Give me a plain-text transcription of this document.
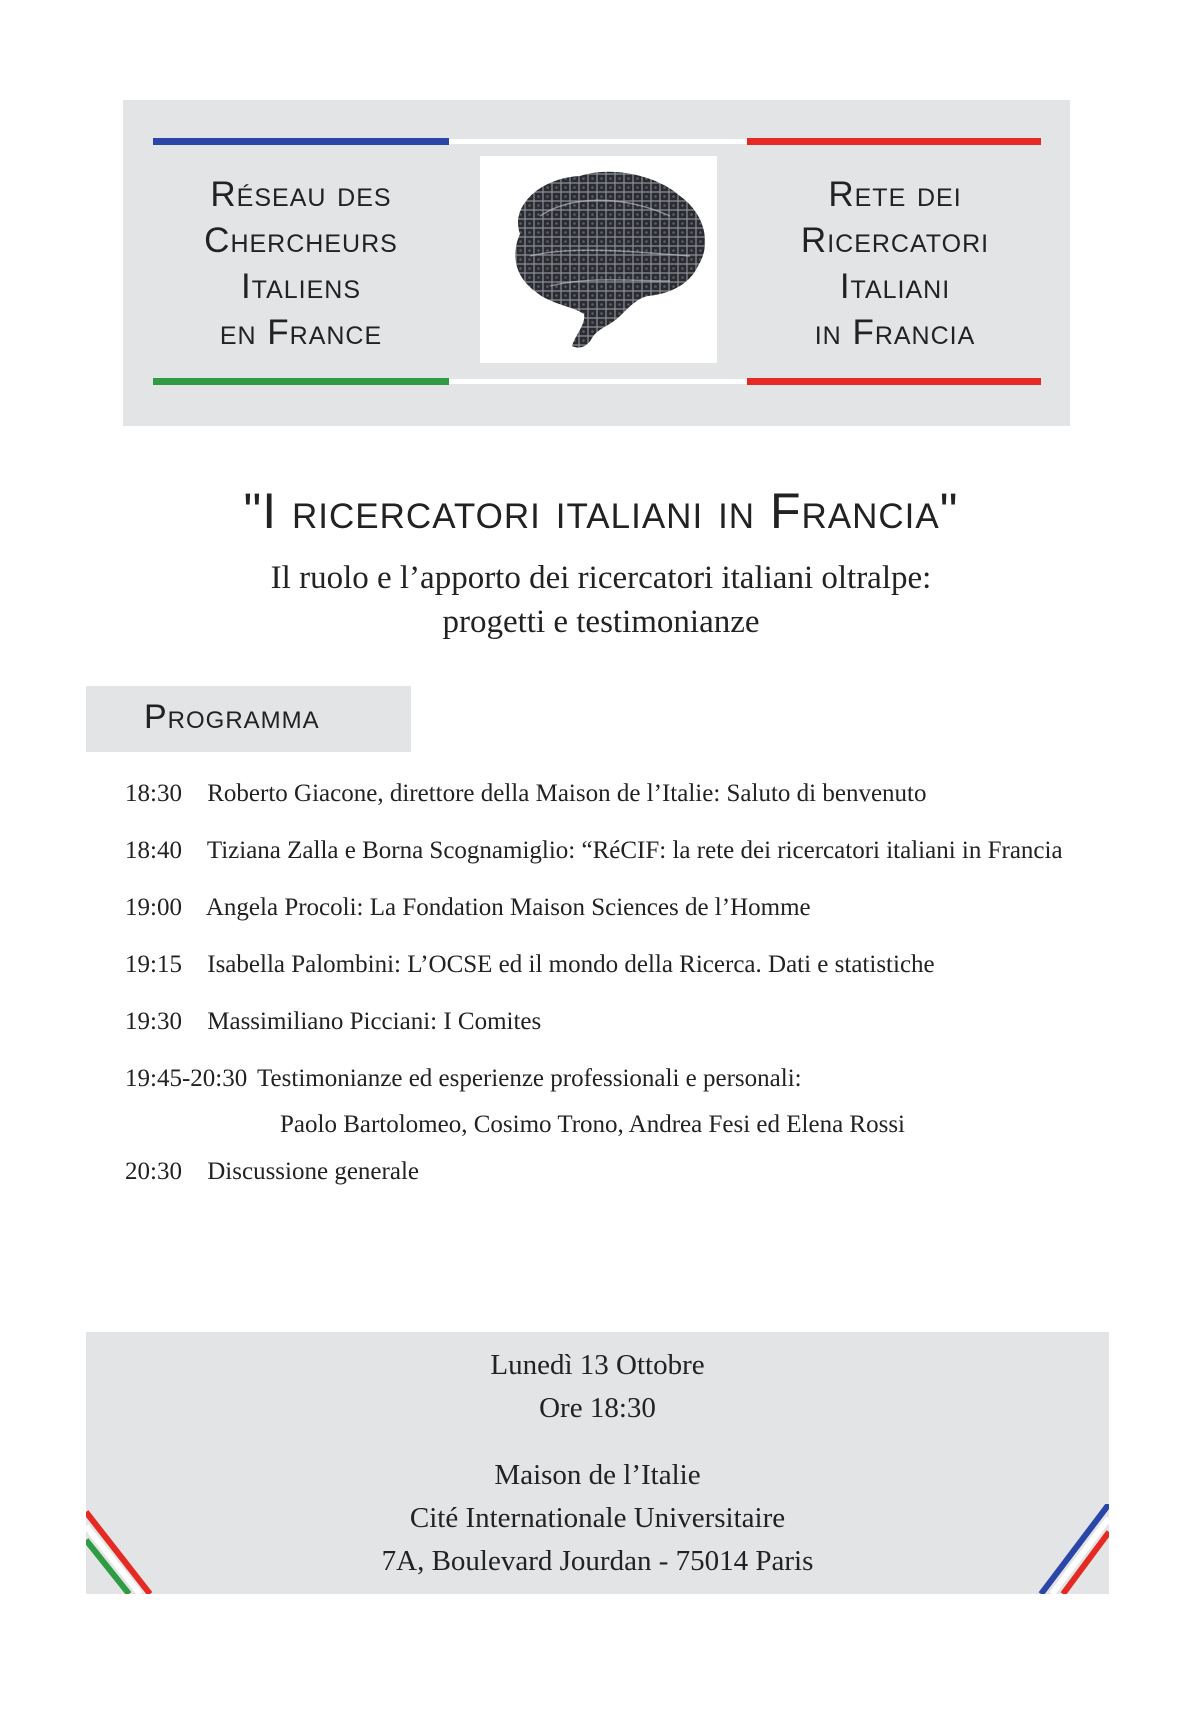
Réseau des
Chercheurs
Italiens
en France
Rete dei
Ricercatori
Italiani
in Francia
"I ricercatori italiani in Francia"
Il ruolo e l’apporto dei ricercatori italiani oltralpe:
progetti e testimonianze
Programma
18:30 Roberto Giacone, direttore della Maison de l’Italie: Saluto di benvenuto
18:40 Tiziana Zalla e Borna Scognamiglio: “RéCIF: la rete dei ricercatori italiani in Francia
19:00 Angela Procoli: La Fondation Maison Sciences de l’Homme
19:15 Isabella Palombini: L’OCSE ed il mondo della Ricerca. Dati e statistiche
19:30 Massimiliano Picciani: I Comites
19:45-20:30 Testimonianze ed esperienze professionali e personali:
Paolo Bartolomeo, Cosimo Trono, Andrea Fesi ed Elena Rossi
20:30 Discussione generale
Lunedì 13 Ottobre
Ore 18:30
Maison de l’Italie
Cité Internationale Universitaire
7A, Boulevard Jourdan - 75014 Paris
